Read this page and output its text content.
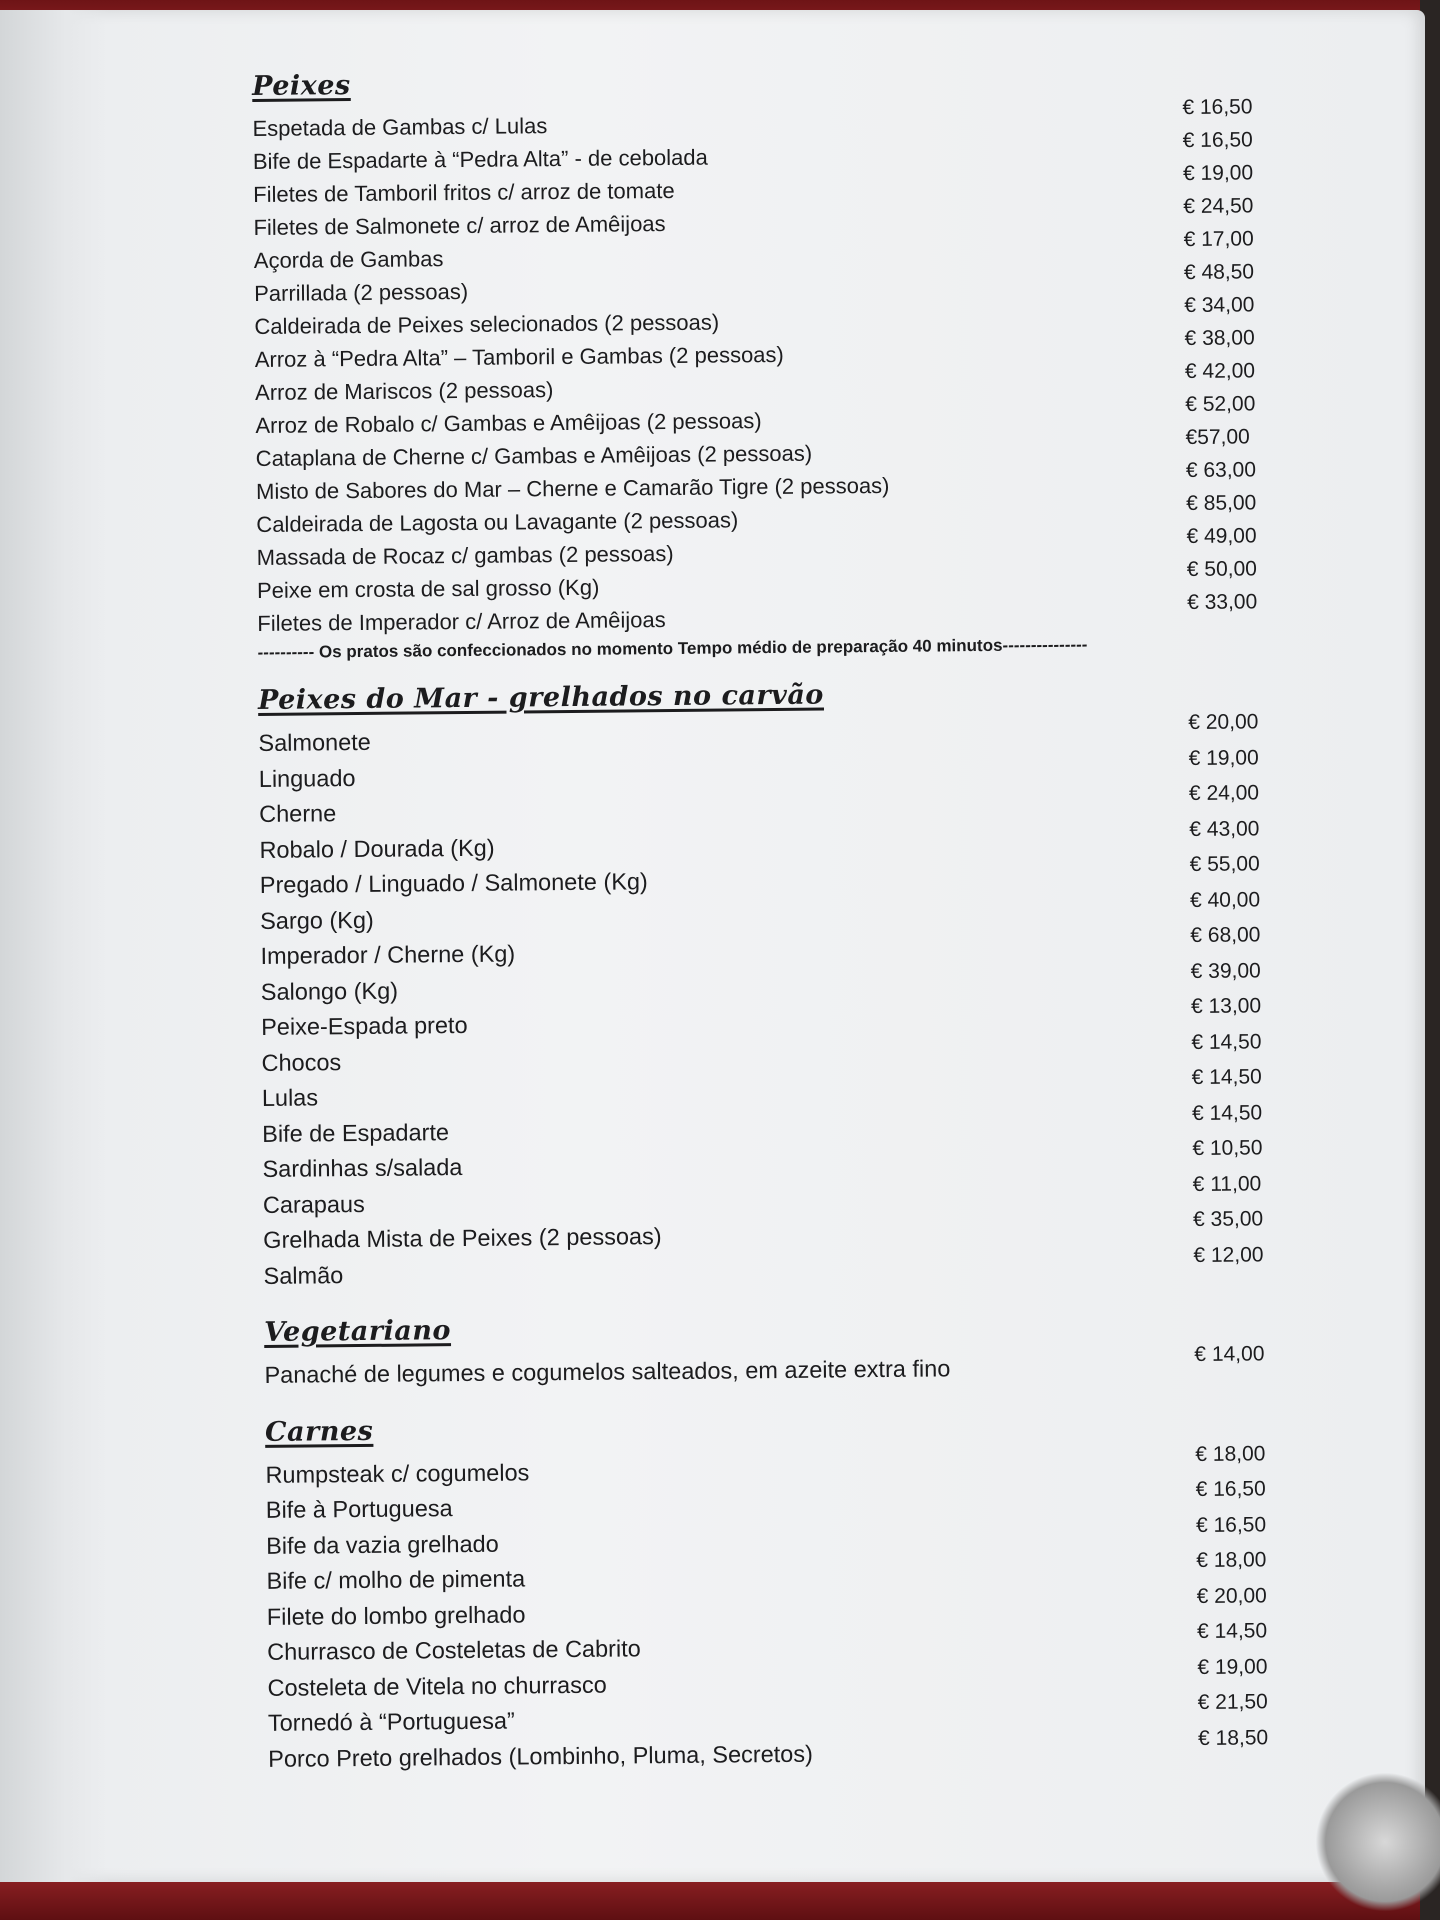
Peixes
Espetada de Gambas c/ Lulas
€ 16,50
Bife de Espadarte à “Pedra Alta” - de cebolada
€ 16,50
Filetes de Tamboril fritos c/ arroz de tomate
€ 19,00
Filetes de Salmonete c/ arroz de Amêijoas
€ 24,50
Açorda de Gambas
€ 17,00
Parrillada (2 pessoas)
€ 48,50
Caldeirada de Peixes selecionados (2 pessoas)
€ 34,00
Arroz à “Pedra Alta” – Tamboril e Gambas (2 pessoas)
€ 38,00
Arroz de Mariscos (2 pessoas)
€ 42,00
Arroz de Robalo c/ Gambas e Amêijoas (2 pessoas)
€ 52,00
Cataplana de Cherne c/ Gambas e Amêijoas (2 pessoas)
€57,00
Misto de Sabores do Mar – Cherne e Camarão Tigre (2 pessoas)
€ 63,00
Caldeirada de Lagosta ou Lavagante (2 pessoas)
€ 85,00
Massada de Rocaz c/ gambas (2 pessoas)
€ 49,00
Peixe em crosta de sal grosso (Kg)
€ 50,00
Filetes de Imperador c/ Arroz de Amêijoas
€ 33,00
---------- Os pratos são confeccionados no momento Tempo médio de preparação 40 minutos---------------
Peixes do Mar - grelhados no carvão
Salmonete
€ 20,00
Linguado
€ 19,00
Cherne
€ 24,00
Robalo / Dourada (Kg)
€ 43,00
Pregado / Linguado / Salmonete (Kg)
€ 55,00
Sargo (Kg)
€ 40,00
Imperador / Cherne (Kg)
€ 68,00
Salongo (Kg)
€ 39,00
Peixe-Espada preto
€ 13,00
Chocos
€ 14,50
Lulas
€ 14,50
Bife de Espadarte
€ 14,50
Sardinhas s/salada
€ 10,50
Carapaus
€ 11,00
Grelhada Mista de Peixes (2 pessoas)
€ 35,00
Salmão
€ 12,00
Vegetariano
Panaché de legumes e cogumelos salteados, em azeite extra fino
€ 14,00
Carnes
Rumpsteak c/ cogumelos
€ 18,00
Bife à Portuguesa
€ 16,50
Bife da vazia grelhado
€ 16,50
Bife c/ molho de pimenta
€ 18,00
Filete do lombo grelhado
€ 20,00
Churrasco de Costeletas de Cabrito
€ 14,50
Costeleta de Vitela no churrasco
€ 19,00
Tornedó à “Portuguesa”
€ 21,50
Porco Preto grelhados (Lombinho, Pluma, Secretos)
€ 18,50
